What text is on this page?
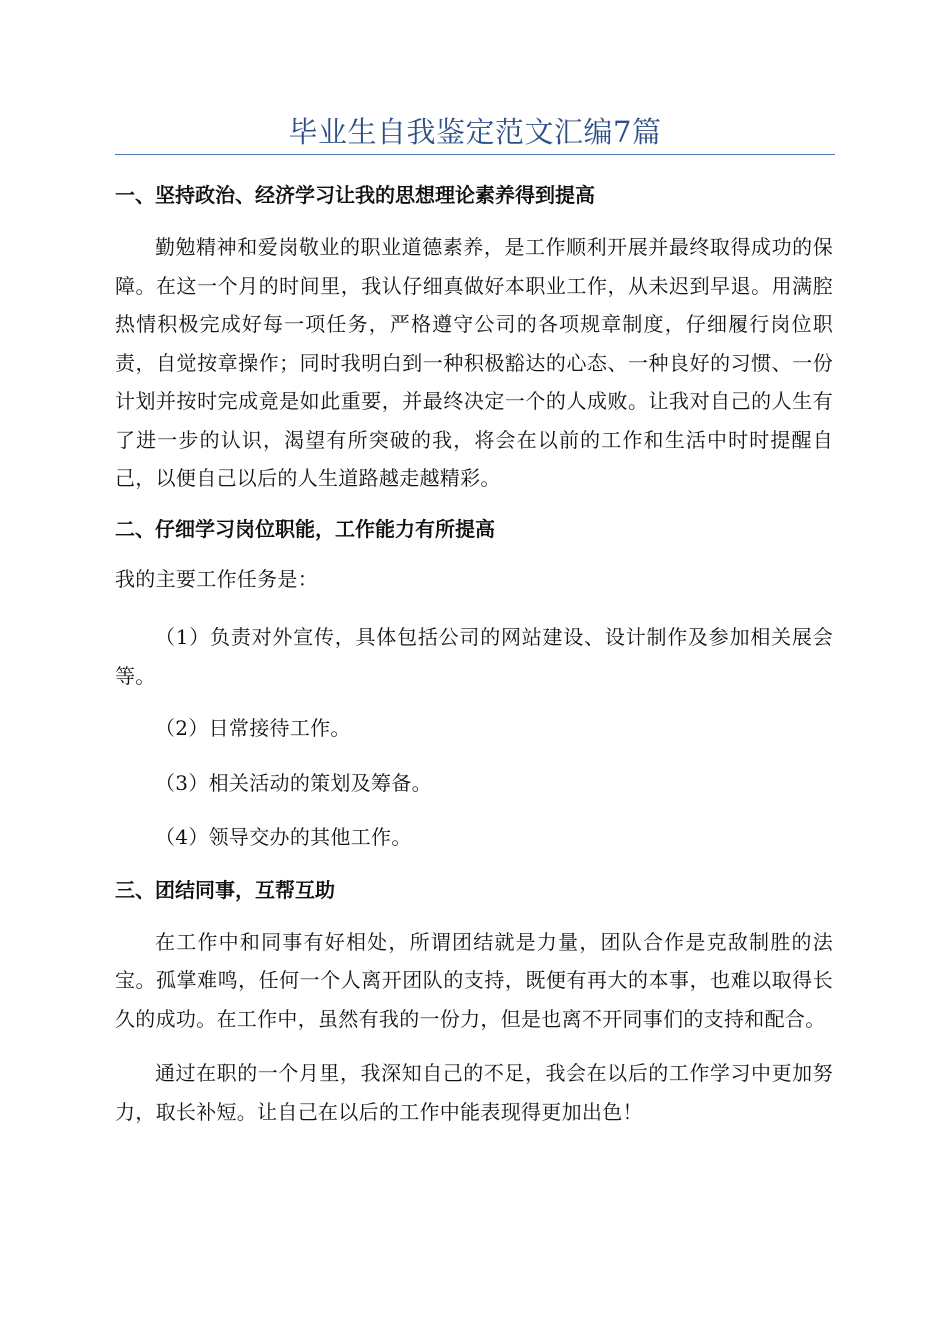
毕业生自我鉴定范文汇编7篇

一、坚持政治、经济学习让我的思想理论素养得到提高

勤勉精神和爱岗敬业的职业道德素养，是工作顺利开展并最终取得成功的保障。在这一个月的时间里，我认仔细真做好本职业工作，从未迟到早退。用满腔热情积极完成好每一项任务，严格遵守公司的各项规章制度，仔细履行岗位职责，自觉按章操作；同时我明白到一种积极豁达的心态、一种良好的习惯、一份计划并按时完成竟是如此重要，并最终决定一个的人成败。让我对自己的人生有了进一步的认识，渴望有所突破的我，将会在以前的工作和生活中时时提醒自己，以便自己以后的人生道路越走越精彩。

二、仔细学习岗位职能，工作能力有所提高

我的主要工作任务是：

（1）负责对外宣传，具体包括公司的网站建设、设计制作及参加相关展会等。

（2）日常接待工作。

（3）相关活动的策划及筹备。

（4）领导交办的其他工作。

三、团结同事，互帮互助

在工作中和同事有好相处，所谓团结就是力量，团队合作是克敌制胜的法宝。孤掌难鸣，任何一个人离开团队的支持，既便有再大的本事，也难以取得长久的成功。在工作中，虽然有我的一份力，但是也离不开同事们的支持和配合。

通过在职的一个月里，我深知自己的不足，我会在以后的工作学习中更加努力，取长补短。让自己在以后的工作中能表现得更加出色！
